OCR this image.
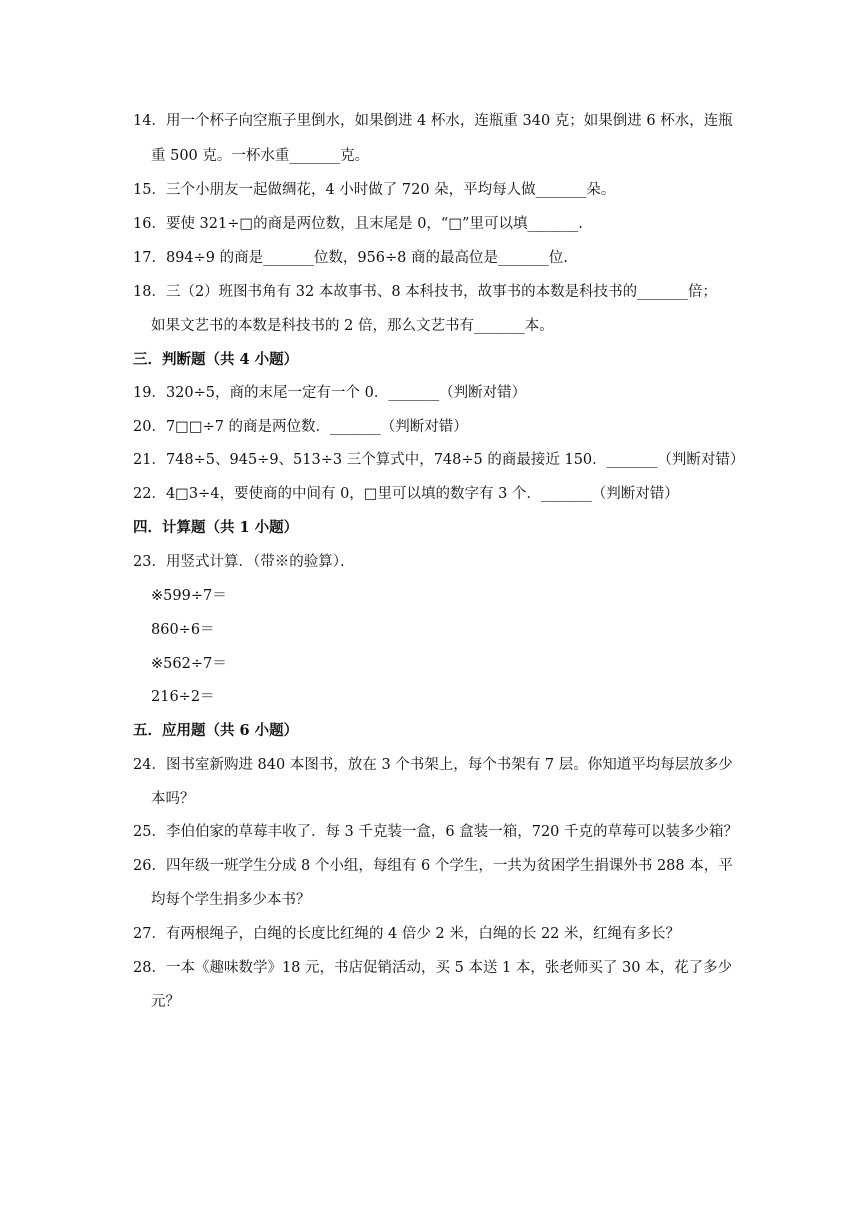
14．用一个杯子向空瓶子里倒水，如果倒进 4 杯水，连瓶重 340 克；如果倒进 6 杯水，连瓶
重 500 克。一杯水重_______克。
15．三个小朋友一起做绸花，4 小时做了 720 朵，平均每人做_______朵。
16．要使 321÷□的商是两位数，且末尾是 0，“□”里可以填_______.
17．894÷9 的商是_______位数，956÷8 商的最高位是_______位.
18．三（2）班图书角有 32 本故事书、8 本科技书，故事书的本数是科技书的_______倍；
如果文艺书的本数是科技书的 2 倍，那么文艺书有_______本。
三．判断题（共 4 小题）
19．320÷5，商的末尾一定有一个 0．_______（判断对错）
20．7□□÷7 的商是两位数．_______（判断对错）
21．748÷5、945÷9、513÷3 三个算式中，748÷5 的商最接近 150．_______（判断对错）
22．4□3÷4，要使商的中间有 0，□里可以填的数字有 3 个．_______（判断对错）
四．计算题（共 1 小题）
23．用竖式计算．（带※的验算）．
※599÷7＝
860÷6＝
※562÷7＝
216÷2＝
五．应用题（共 6 小题）
24．图书室新购进 840 本图书，放在 3 个书架上，每个书架有 7 层。你知道平均每层放多少
本吗？
25．李伯伯家的草莓丰收了．每 3 千克装一盒，6 盒装一箱，720 千克的草莓可以装多少箱？
26．四年级一班学生分成 8 个小组，每组有 6 个学生，一共为贫困学生捐课外书 288 本，平
均每个学生捐多少本书？
27．有两根绳子，白绳的长度比红绳的 4 倍少 2 米，白绳的长 22 米，红绳有多长？
28．一本《趣味数学》18 元，书店促销活动，买 5 本送 1 本，张老师买了 30 本，花了多少
元？
